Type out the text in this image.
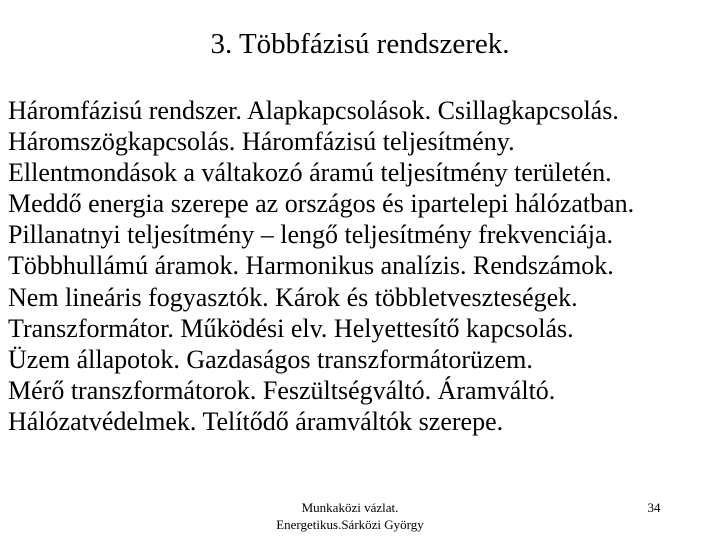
3. Többfázisú rendszerek.
Háromfázisú rendszer. Alapkapcsolások. Csillagkapcsolás.
Háromszögkapcsolás. Háromfázisú teljesítmény.
Ellentmondások a váltakozó áramú teljesítmény területén.
Meddő energia szerepe az országos és ipartelepi hálózatban.
Pillanatnyi teljesítmény – lengő teljesítmény frekvenciája.
Többhullámú áramok. Harmonikus analízis. Rendszámok.
Nem lineáris fogyasztók. Károk és többletveszteségek.
Transzformátor. Működési elv. Helyettesítő kapcsolás.
Üzem állapotok. Gazdaságos transzformátorüzem.
Mérő transzformátorok. Feszültségváltó. Áramváltó.
Hálózatvédelmek. Telítődő áramváltók szerepe.
Munkaközi vázlat.
Energetikus.Sárközi György
34
